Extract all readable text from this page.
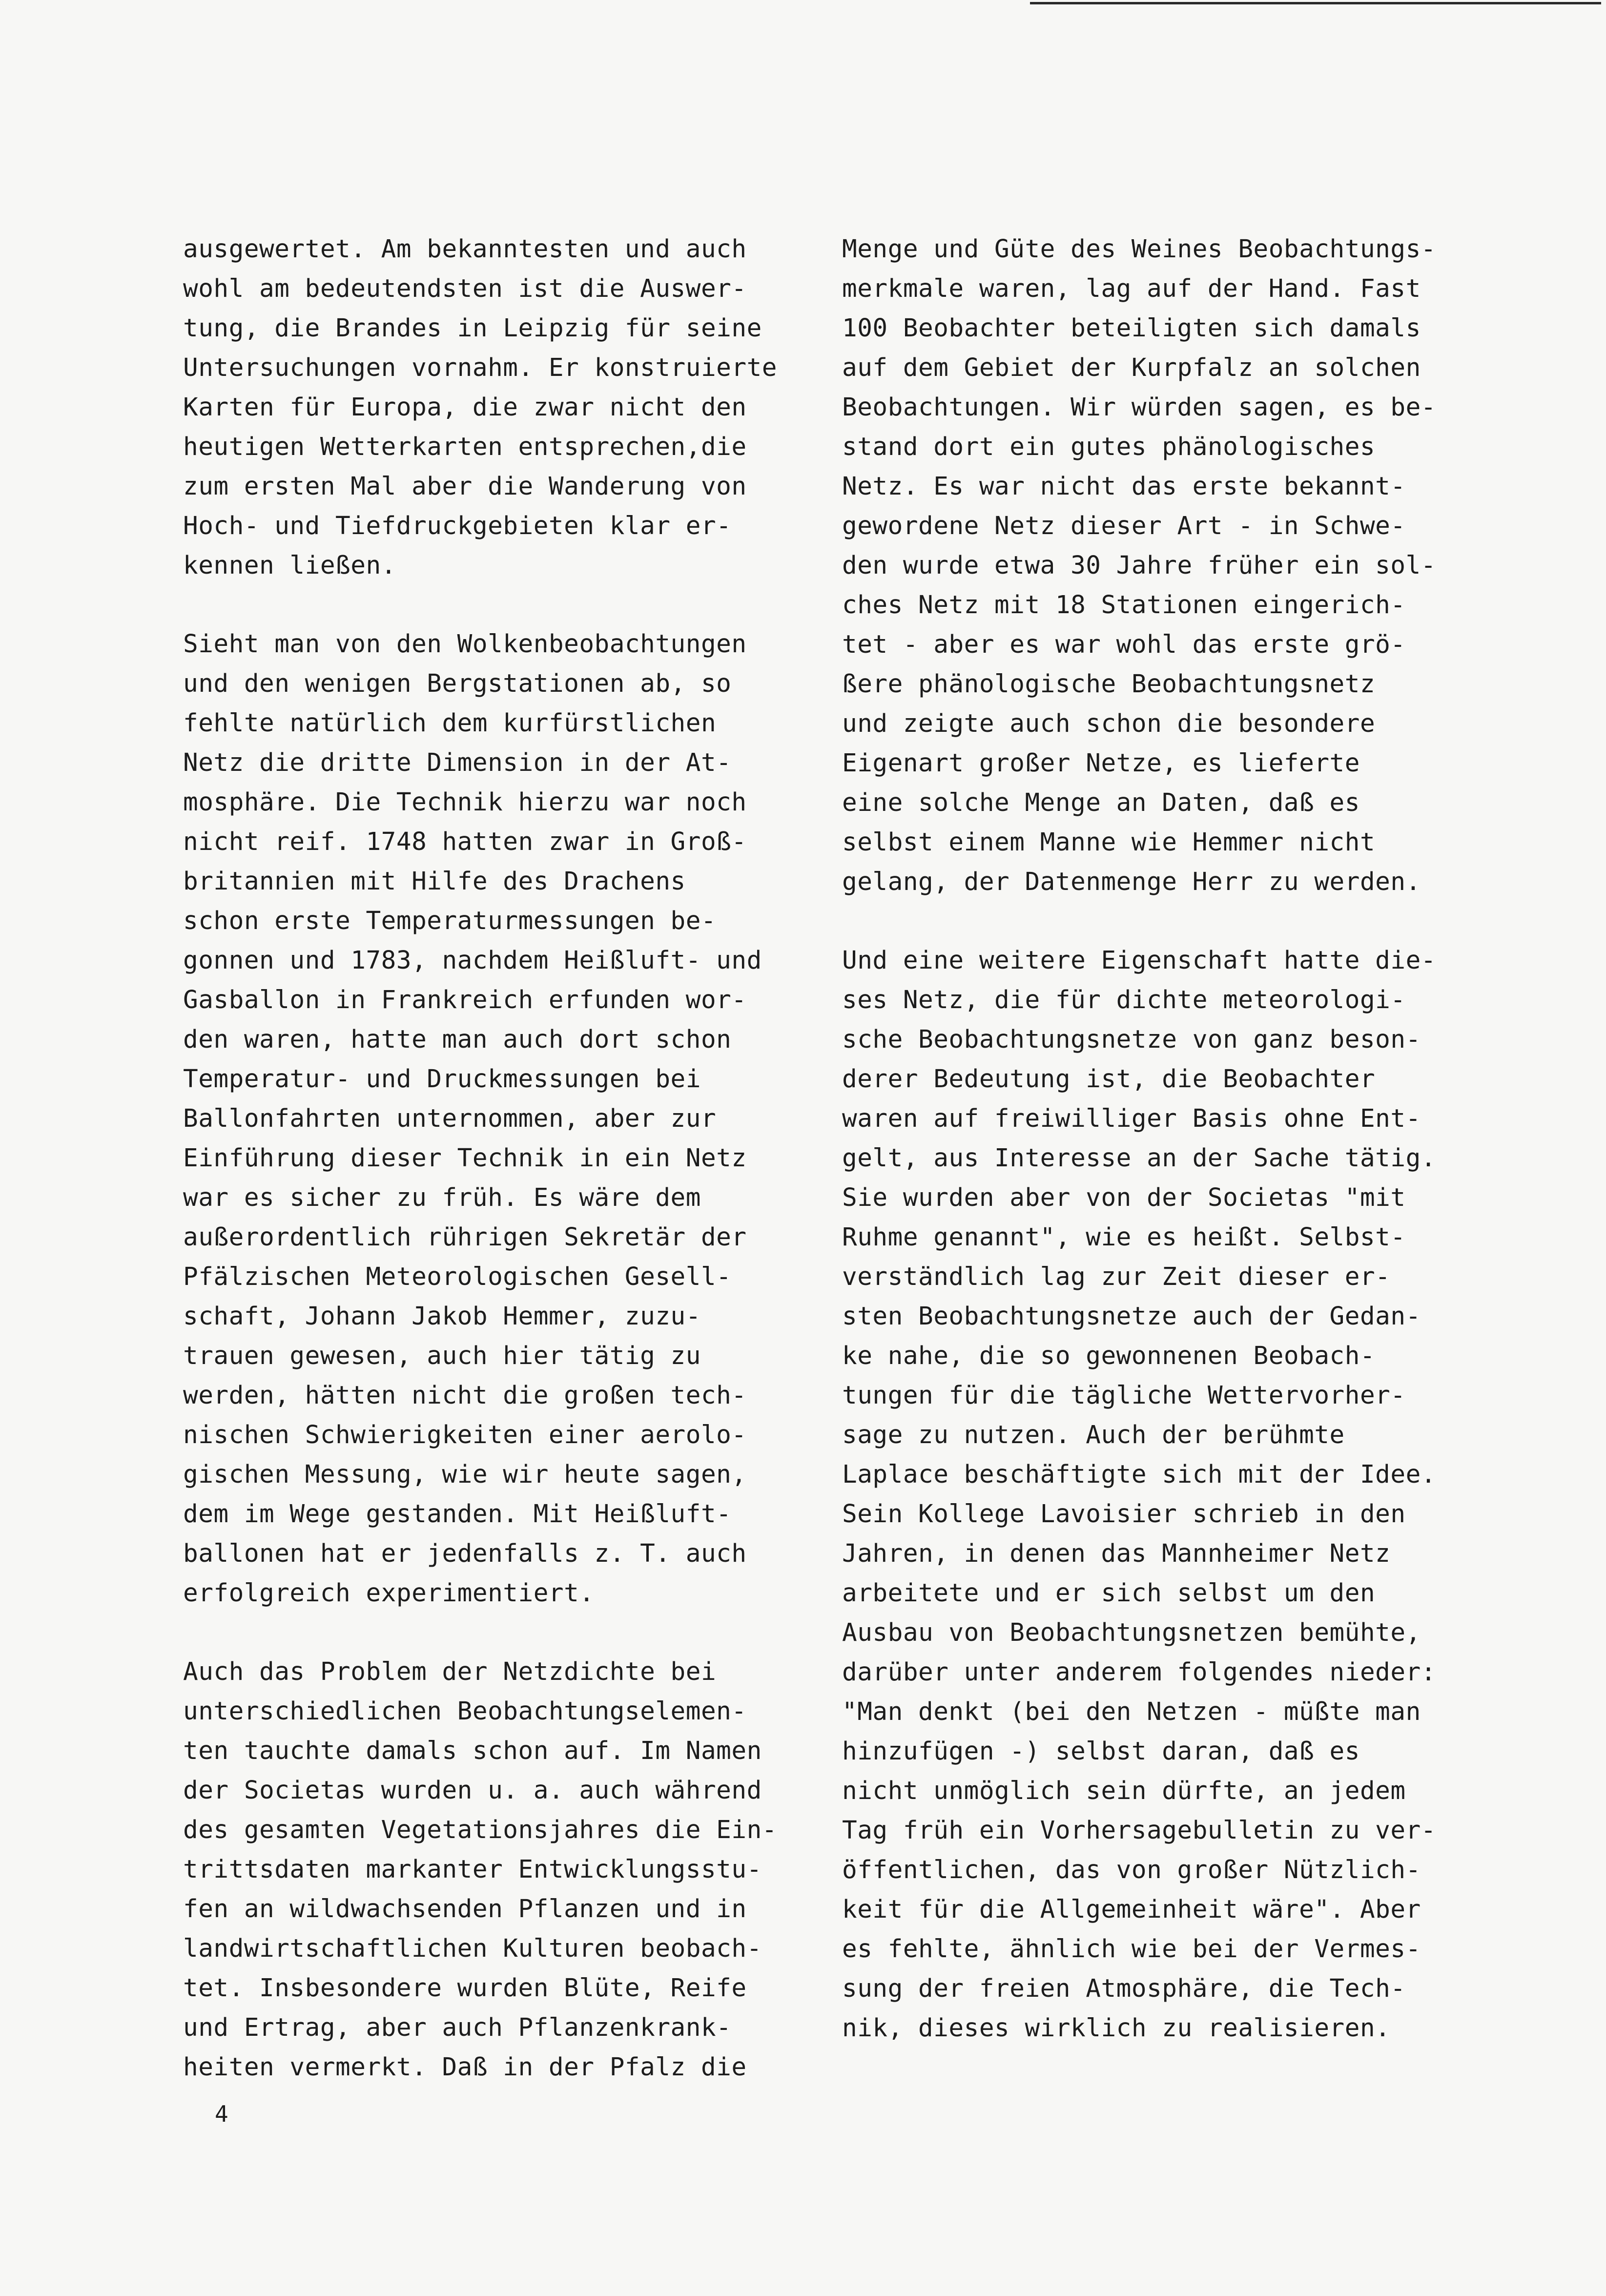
ausgewertet. Am bekanntesten und auch
wohl am bedeutendsten ist die Auswer-
tung, die Brandes in Leipzig für seine
Untersuchungen vornahm. Er konstruierte
Karten für Europa, die zwar nicht den
heutigen Wetterkarten entsprechen,die
zum ersten Mal aber die Wanderung von
Hoch- und Tiefdruckgebieten klar er-
kennen ließen.
Sieht man von den Wolkenbeobachtungen
und den wenigen Bergstationen ab, so
fehlte natürlich dem kurfürstlichen
Netz die dritte Dimension in der At-
mosphäre. Die Technik hierzu war noch
nicht reif. 1748 hatten zwar in Groß-
britannien mit Hilfe des Drachens
schon erste Temperaturmessungen be-
gonnen und 1783, nachdem Heißluft- und
Gasballon in Frankreich erfunden wor-
den waren, hatte man auch dort schon
Temperatur- und Druckmessungen bei
Ballonfahrten unternommen, aber zur
Einführung dieser Technik in ein Netz
war es sicher zu früh. Es wäre dem
außerordentlich rührigen Sekretär der
Pfälzischen Meteorologischen Gesell-
schaft, Johann Jakob Hemmer, zuzu-
trauen gewesen, auch hier tätig zu
werden, hätten nicht die großen tech-
nischen Schwierigkeiten einer aerolo-
gischen Messung, wie wir heute sagen,
dem im Wege gestanden. Mit Heißluft-
ballonen hat er jedenfalls z. T. auch
erfolgreich experimentiert.
Auch das Problem der Netzdichte bei
unterschiedlichen Beobachtungselemen-
ten tauchte damals schon auf. Im Namen
der Societas wurden u. a. auch während
des gesamten Vegetationsjahres die Ein-
trittsdaten markanter Entwicklungsstu-
fen an wildwachsenden Pflanzen und in
landwirtschaftlichen Kulturen beobach-
tet. Insbesondere wurden Blüte, Reife
und Ertrag, aber auch Pflanzenkrank-
heiten vermerkt. Daß in der Pfalz die
Menge und Güte des Weines Beobachtungs-
merkmale waren, lag auf der Hand. Fast
100 Beobachter beteiligten sich damals
auf dem Gebiet der Kurpfalz an solchen
Beobachtungen. Wir würden sagen, es be-
stand dort ein gutes phänologisches
Netz. Es war nicht das erste bekannt-
gewordene Netz dieser Art - in Schwe-
den wurde etwa 30 Jahre früher ein sol-
ches Netz mit 18 Stationen eingerich-
tet - aber es war wohl das erste grö-
ßere phänologische Beobachtungsnetz
und zeigte auch schon die besondere
Eigenart großer Netze, es lieferte
eine solche Menge an Daten, daß es
selbst einem Manne wie Hemmer nicht
gelang, der Datenmenge Herr zu werden.
Und eine weitere Eigenschaft hatte die-
ses Netz, die für dichte meteorologi-
sche Beobachtungsnetze von ganz beson-
derer Bedeutung ist, die Beobachter
waren auf freiwilliger Basis ohne Ent-
gelt, aus Interesse an der Sache tätig.
Sie wurden aber von der Societas "mit
Ruhme genannt", wie es heißt. Selbst-
verständlich lag zur Zeit dieser er-
sten Beobachtungsnetze auch der Gedan-
ke nahe, die so gewonnenen Beobach-
tungen für die tägliche Wettervorher-
sage zu nutzen. Auch der berühmte
Laplace beschäftigte sich mit der Idee.
Sein Kollege Lavoisier schrieb in den
Jahren, in denen das Mannheimer Netz
arbeitete und er sich selbst um den
Ausbau von Beobachtungsnetzen bemühte,
darüber unter anderem folgendes nieder:
"Man denkt (bei den Netzen - müßte man
hinzufügen -) selbst daran, daß es
nicht unmöglich sein dürfte, an jedem
Tag früh ein Vorhersagebulletin zu ver-
öffentlichen, das von großer Nützlich-
keit für die Allgemeinheit wäre". Aber
es fehlte, ähnlich wie bei der Vermes-
sung der freien Atmosphäre, die Tech-
nik, dieses wirklich zu realisieren.
4
